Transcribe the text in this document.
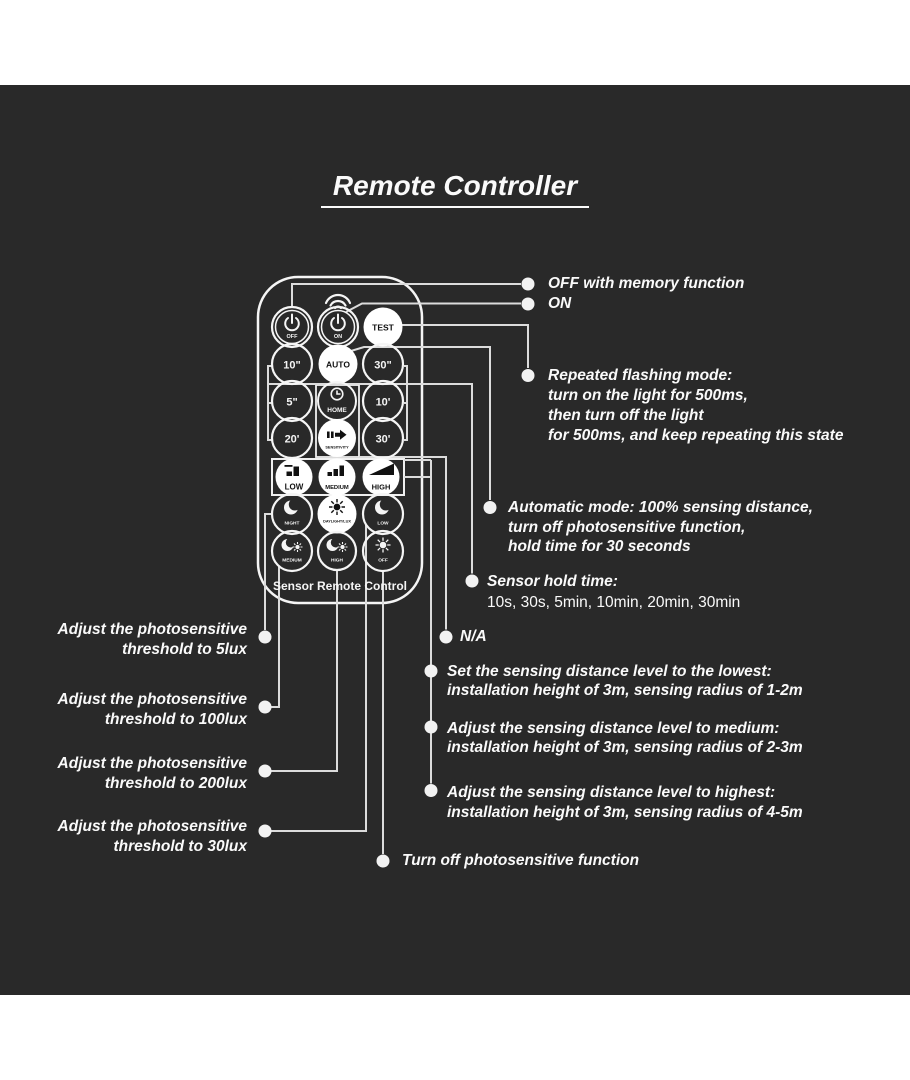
Remote Controller
OFF	ON
TEST
10"	AUTO 30"
5"
HOME
10'
20'
SENSITIVITY
30'
LOW	MEDIUM	HIGH
NIGHT	DAYLIGHT/LUX	LOW
MEDIUM	HIGH	OFF
Sensor Remote Control
OFF with memory function
ON
Repeated flashing mode:
turn on the light for 500ms,
then turn off the light
for 500ms, and keep repeating this state
Automatic mode: 100% sensing distance,
turn off photosensitive function,
hold time for 30 seconds
Sensor hold time:
10s, 30s, 5min, 10min, 20min, 30min
N/A
Set the sensing distance level to the lowest:
installation height of 3m, sensing radius of 1-2m
Adjust the sensing distance level to medium:
installation height of 3m, sensing radius of 2-3m
Adjust the sensing distance level to highest:
installation height of 3m, sensing radius of 4-5m
Turn off photosensitive function
Adjust the photosensitive
threshold to 5lux
Adjust the photosensitive
threshold to 100lux
Adjust the photosensitive
threshold to 200lux
Adjust the photosensitive
threshold to 30lux
